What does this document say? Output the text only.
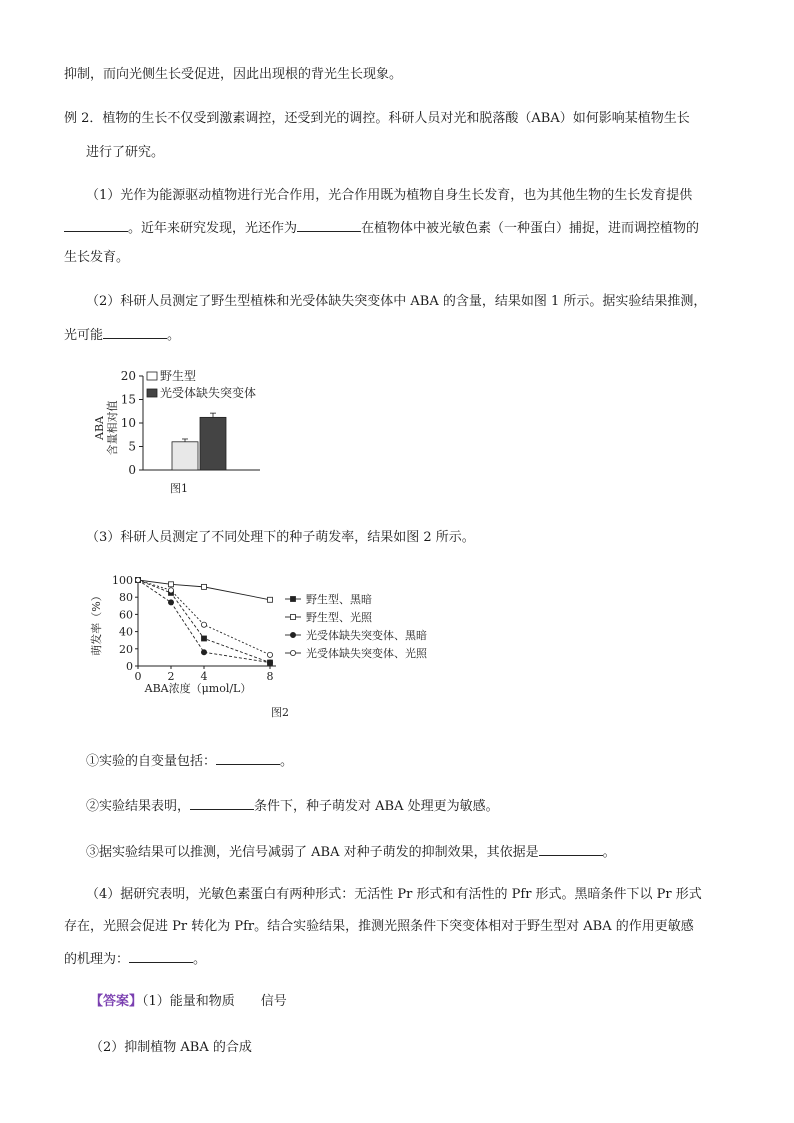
抑制，而向光侧生长受促进，因此出现根的背光生长现象。
例 2．植物的生长不仅受到激素调控，还受到光的调控。科研人员对光和脱落酸（ABA）如何影响某植物生长
进行了研究。
（1）光作为能源驱动植物进行光合作用，光合作用既为植物自身生长发育，也为其他生物的生长发育提供
。近年来研究发现，光还作为	在植物体中被光敏色素（一种蛋白）捕捉，进而调控植物的
生长发育。
（2）科研人员测定了野生型植株和光受体缺失突变体中 ABA 的含量，结果如图 1 所示。据实验结果推测，
光可能	。
ABA 含量相对值
0
5
10
15
20 野生型
光受体缺失突变体
图1
（3）科研人员测定了不同处理下的种子萌发率，结果如图 2 所示。
萌发率（%）
0
20
40
60
80
100
0 2 4	8
野生型、黑暗
野生型、光照
光受体缺失突变体、黑暗
光受体缺失突变体、光照
ABA浓度（μmol/L）
图2
①实验的自变量包括：	。
②实验结果表明，	条件下，种子萌发对 ABA 处理更为敏感。
③据实验结果可以推测，光信号减弱了 ABA 对种子萌发的抑制效果，其依据是	。
（4）据研究表明，光敏色素蛋白有两种形式：无活性 Pr 形式和有活性的 Pfr 形式。黑暗条件下以 Pr 形式
存在，光照会促进 Pr 转化为 Pfr。结合实验结果，推测光照条件下突变体相对于野生型对 ABA 的作用更敏感
的机理为：	。
【答案】（1）能量和物质　　信号
（2）抑制植物 ABA 的合成
